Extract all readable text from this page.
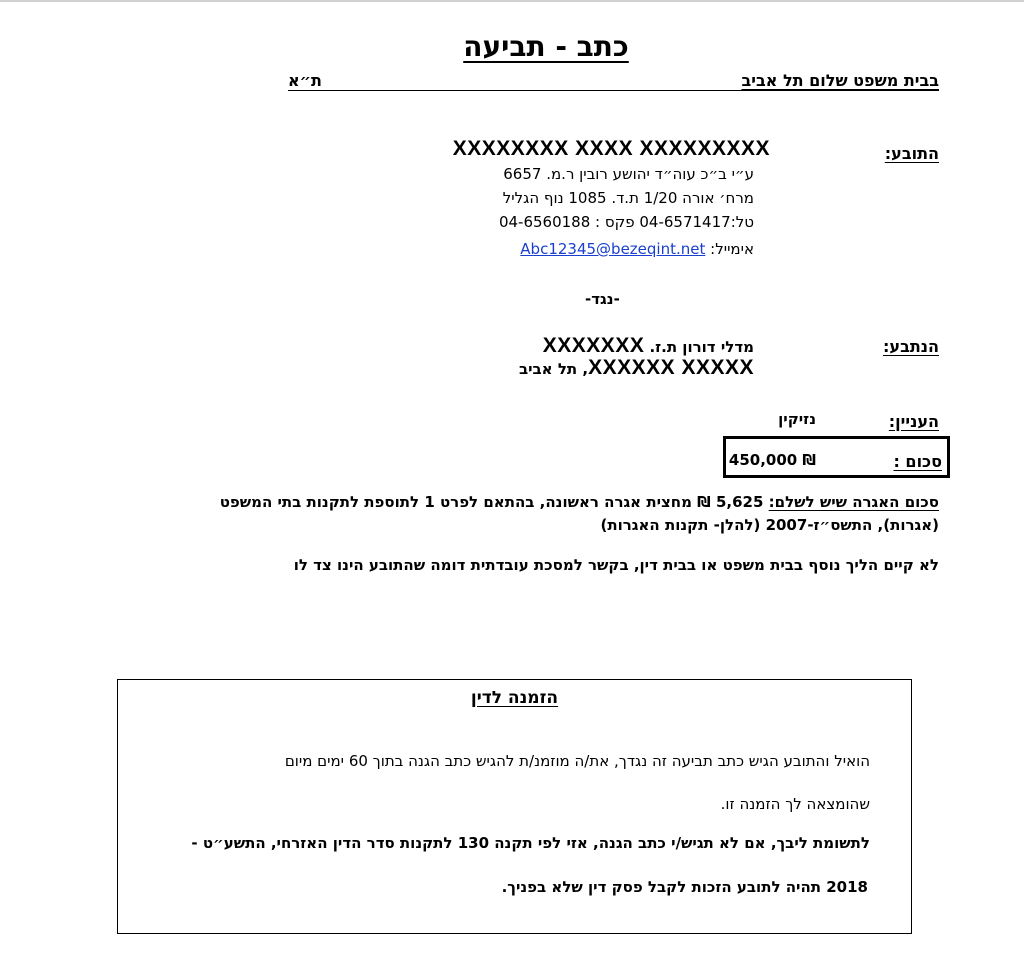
כתב - תביעה
בבית משפט שלום תל אביב
ת״א
התובע:
XXXXXXXX XXXX XXXXXXXXX
ע״י ב״כ עוה״ד יהושע רובין ר.מ. 6657
מרח׳ אורה 1/20 ת.ד. 1085 נוף הגליל
טל:04-6571417 פקס : 04-6560188
אימייל: Abc12345@bezeqint.net
-נגד-
הנתבע:
מדלי דורון ת.ז. XXXXXXX
XXXXXX XXXXX, תל אביב
העניין:
נזיקין
סכום :
450,000 ₪
סכום האגרה שיש לשלם: 5,625 ₪ מחצית אגרה ראשונה, בהתאם לפרט 1 לתוספת לתקנות בתי המשפט
(אגרות), התשס״ז-2007 (להלן- תקנות האגרות)
לא קיים הליך נוסף בבית משפט או בבית דין, בקשר למסכת עובדתית דומה שהתובע הינו צד לו
הזמנה לדין
הואיל והתובע הגיש כתב תביעה זה נגדך, את/ה מוזמנ/ת להגיש כתב הגנה בתוך 60 ימים מיום
שהומצאה לך הזמנה זו.
לתשומת ליבך, אם לא תגיש/י כתב הגנה, אזי לפי תקנה 130 לתקנות סדר הדין האזרחי, התשע״ט -
2018 תהיה לתובע הזכות לקבל פסק דין שלא בפניך.
